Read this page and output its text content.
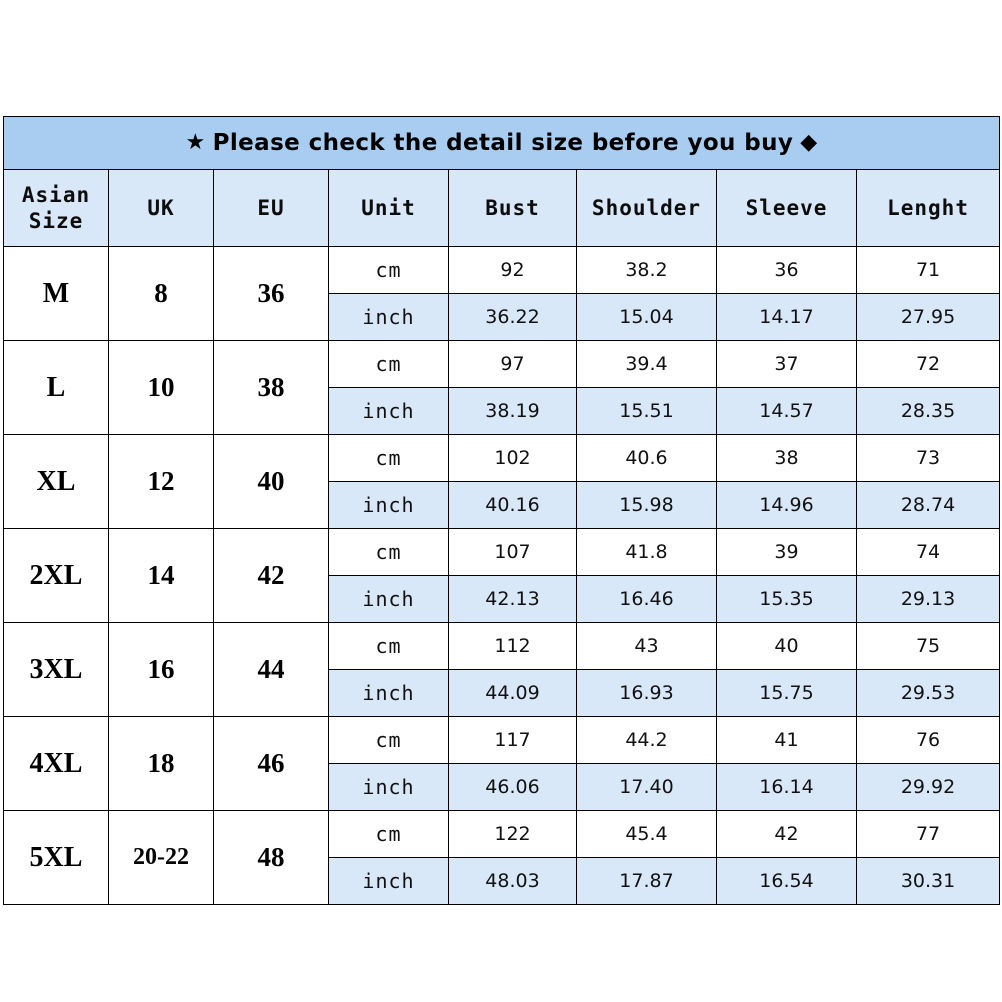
★ Please check the detail size before you buy ◆							

Asian
Size	UK	EU	Unit	Bust	Shoulder	Sleeve	Lenght
M	8	36	cm	92	38.2	36	71
			inch	36.22	15.04	14.17	27.95
L	10	38	cm	97	39.4	37	72
			inch	38.19	15.51	14.57	28.35
XL	12	40	cm	102	40.6	38	73
			inch	40.16	15.98	14.96	28.74
2XL	14	42	cm	107	41.8	39	74
			inch	42.13	16.46	15.35	29.13
3XL	16	44	cm	112	43	40	75
			inch	44.09	16.93	15.75	29.53
4XL	18	46	cm	117	44.2	41	76
			inch	46.06	17.40	16.14	29.92
5XL	20-22	48	cm	122	45.4	42	77
			inch	48.03	17.87	16.54	30.31
